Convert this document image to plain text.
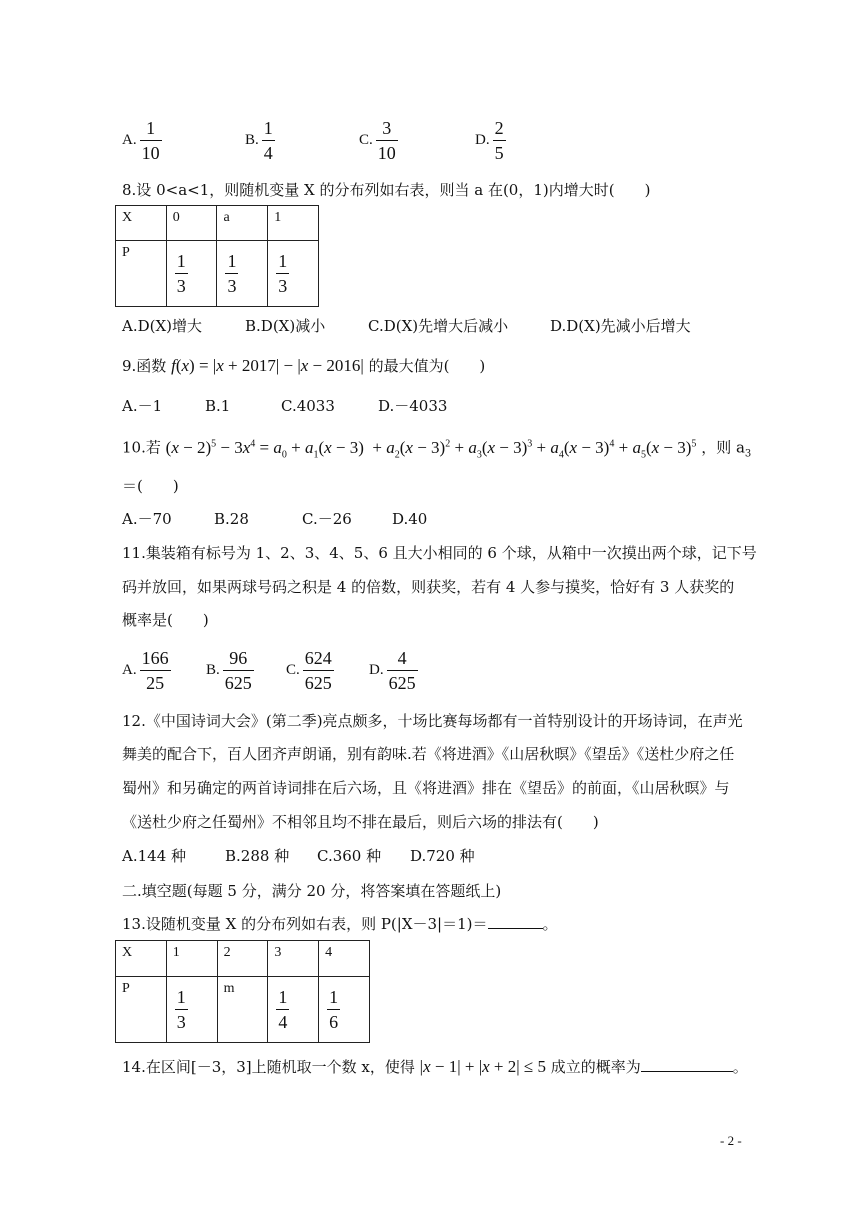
A. $\frac{1}{10}$	B. $\frac{1}{4}$	C. $\frac{3}{10}$	D. $\frac{2}{5}$
8.设 0<a<1，则随机变量 X 的分布列如右表，则当 a 在(0，1)内增大时(　　)
X	0	a	1
P	$\frac{1}{3}$	$\frac{1}{3}$	$\frac{1}{3}$
A.D(X)增大	B.D(X)减小	C.D(X)先增大后减小	D.D(X)先减小后增大
9.函数 f(x) = |x + 2017| − |x − 2016| 的最大值为(　　)
A.－1	B.1	C.4033	D.－4033
10.若 $(x - 2)^5 - 3x^4 = a_0 + a_1(x - 3) + a_2(x - 3)^2 + a_3(x - 3)^3 + a_4(x - 3)^4 + a_5(x - 3)^5$ ，则 $a_3$
＝(　　)
A.－70	B.28	C.－26	D.40
11.集装箱有标号为 1、2、3、4、5、6 且大小相同的 6 个球，从箱中一次摸出两个球，记下号
码并放回，如果两球号码之积是 4 的倍数，则获奖，若有 4 人参与摸奖，恰好有 3 人获奖的
概率是(　　)
A. $\frac{166}{25} B$. $\frac{96}{625} C$. $\frac{624}{625} D$. $\frac{4}{625}$
12.《中国诗词大会》(第二季)亮点颇多，十场比赛每场都有一首特别设计的开场诗词，在声光
舞美的配合下，百人团齐声朗诵，别有韵味.若《将进酒》《山居秋暝》《望岳》《送杜少府之任
蜀州》和另确定的两首诗词排在后六场，且《将进酒》排在《望岳》的前面，《山居秋暝》与
《送杜少府之任蜀州》不相邻且均不排在最后，则后六场的排法有(　　)
A.144 种	B.288 种 C.360 种 D.720 种
二.填空题(每题 5 分，满分 20 分，将答案填在答题纸上)
13.设随机变量 X 的分布列如右表，则 P(|X－3|＝1)＝	。
X	1	2	3	4
P	$\frac{1}{3}$	m	$\frac{1}{4}$	$\frac{1}{6}$
14.在区间[－3，3]上随机取一个数 x，使得 |x − 1| + |x + 2| ≤ 5 成立的概率为	。
- 2 -
